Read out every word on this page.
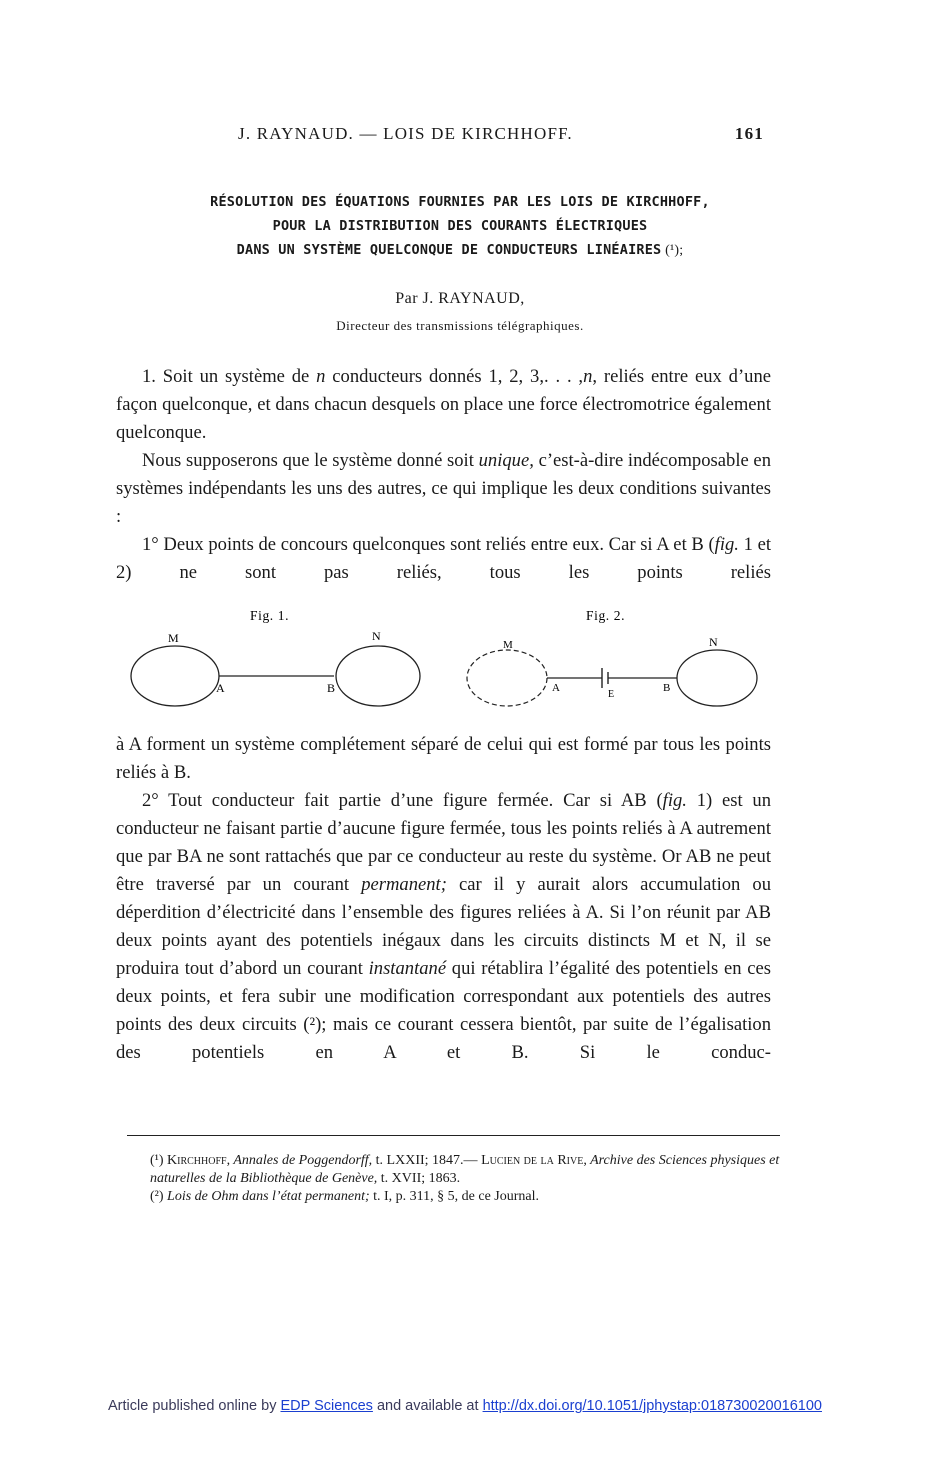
J. RAYNAUD. — LOIS DE KIRCHHOFF.	161
RÉSOLUTION DES ÉQUATIONS FOURNIES PAR LES LOIS DE KIRCHHOFF,
POUR LA DISTRIBUTION DES COURANTS ÉLECTRIQUES
DANS UN SYSTÈME QUELCONQUE DE CONDUCTEURS LINÉAIRES (¹);
Par J. RAYNAUD,
Directeur des transmissions télégraphiques.

1. Soit un système de n conducteurs donnés 1, 2, 3,. . . ,n, reliés entre eux d’une façon quelconque, et dans chacun desquels on place une force électromotrice également quelconque.

Nous supposerons que le système donné soit unique, c’est-à-dire indécomposable en systèmes indépendants les uns des autres, ce qui implique les deux conditions suivantes :

1° Deux points de concours quelconques sont reliés entre eux. Car si A et B (fig. 1 et 2) ne sont pas reliés, tous les points reliés

Fig. 1.	Fig. 2.
M	N
A	B
M	N
A
E
B

à A forment un système complétement séparé de celui qui est formé par tous les points reliés à B.

2° Tout conducteur fait partie d’une figure fermée. Car si AB (fig. 1) est un conducteur ne faisant partie d’aucune figure fermée, tous les points reliés à A autrement que par BA ne sont rattachés que par ce conducteur au reste du système. Or AB ne peut être traversé par un courant permanent; car il y aurait alors accumulation ou déperdition d’électricité dans l’ensemble des figures reliées à A. Si l’on réunit par AB deux points ayant des potentiels inégaux dans les circuits distincts M et N, il se produira tout d’abord un courant instantané qui rétablira l’égalité des potentiels en ces deux points, et fera subir une modification correspondant aux potentiels des autres points des deux circuits (²); mais ce courant cessera bientôt, par suite de l’égalisation des potentiels en A et B. Si le conduc-

(¹) Kirchhoff, Annales de Poggendorff, t. LXXII; 1847.— Lucien de la Rive, Archive des Sciences physiques et naturelles de la Bibliothèque de Genève, t. XVII; 1863.

(²) Lois de Ohm dans l’état permanent; t. I, p. 311, § 5, de ce Journal.

Article published online by EDP Sciences and available at http://dx.doi.org/10.1051/jphystap:018730020016100
